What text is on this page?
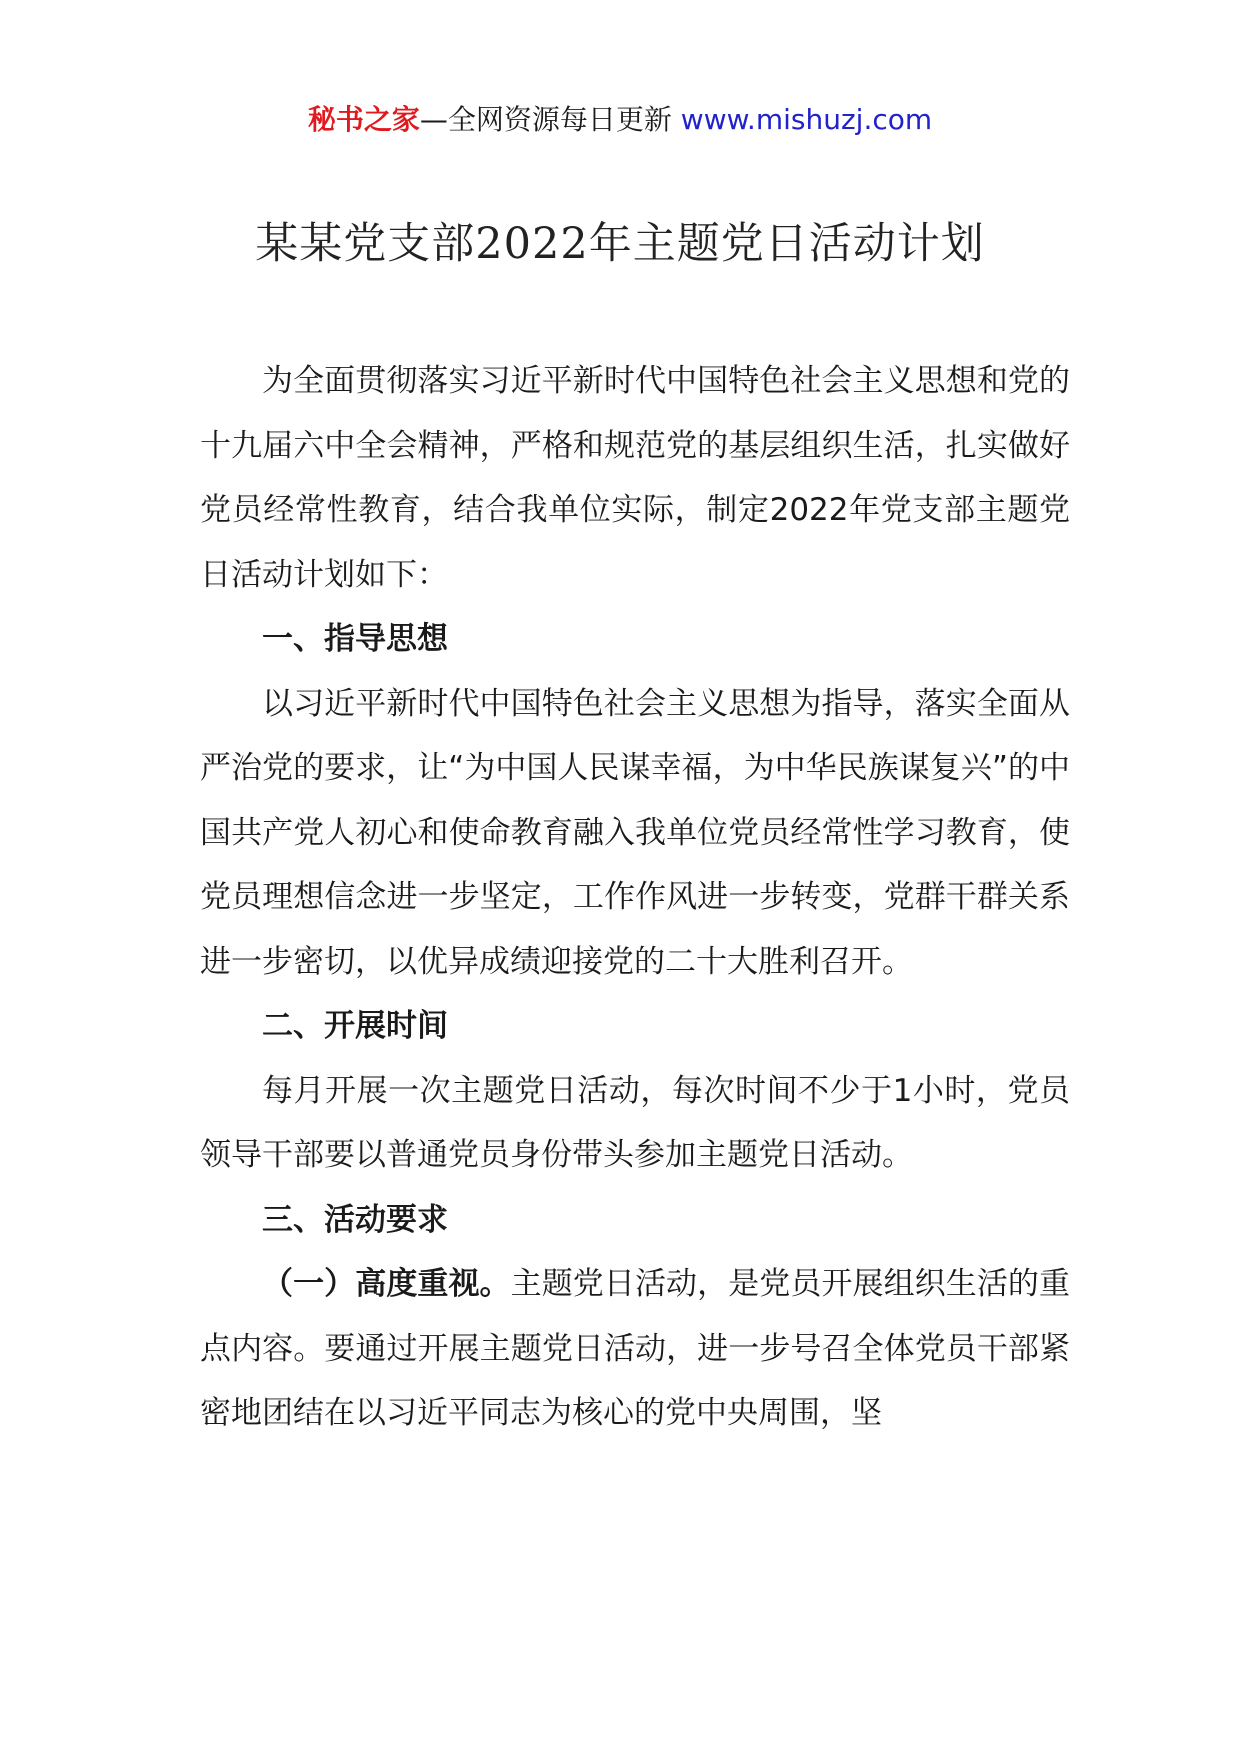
秘书之家—全网资源每日更新 www.mishuzj.com
某某党支部2022年主题党日活动计划

为全面贯彻落实习近平新时代中国特色社会主义思想和党的十九届六中全会精神，严格和规范党的基层组织生活，扎实做好党员经常性教育，结合我单位实际，制定2022年党支部主题党日活动计划如下：

一、指导思想

以习近平新时代中国特色社会主义思想为指导，落实全面从严治党的要求，让“为中国人民谋幸福，为中华民族谋复兴”的中国共产党人初心和使命教育融入我单位党员经常性学习教育，使党员理想信念进一步坚定，工作作风进一步转变，党群干群关系进一步密切，以优异成绩迎接党的二十大胜利召开。

二、开展时间

每月开展一次主题党日活动，每次时间不少于1小时，党员领导干部要以普通党员身份带头参加主题党日活动。

三、活动要求

（一）高度重视。主题党日活动，是党员开展组织生活的重点内容。要通过开展主题党日活动，进一步号召全体党员干部紧密地团结在以习近平同志为核心的党中央周围，坚
